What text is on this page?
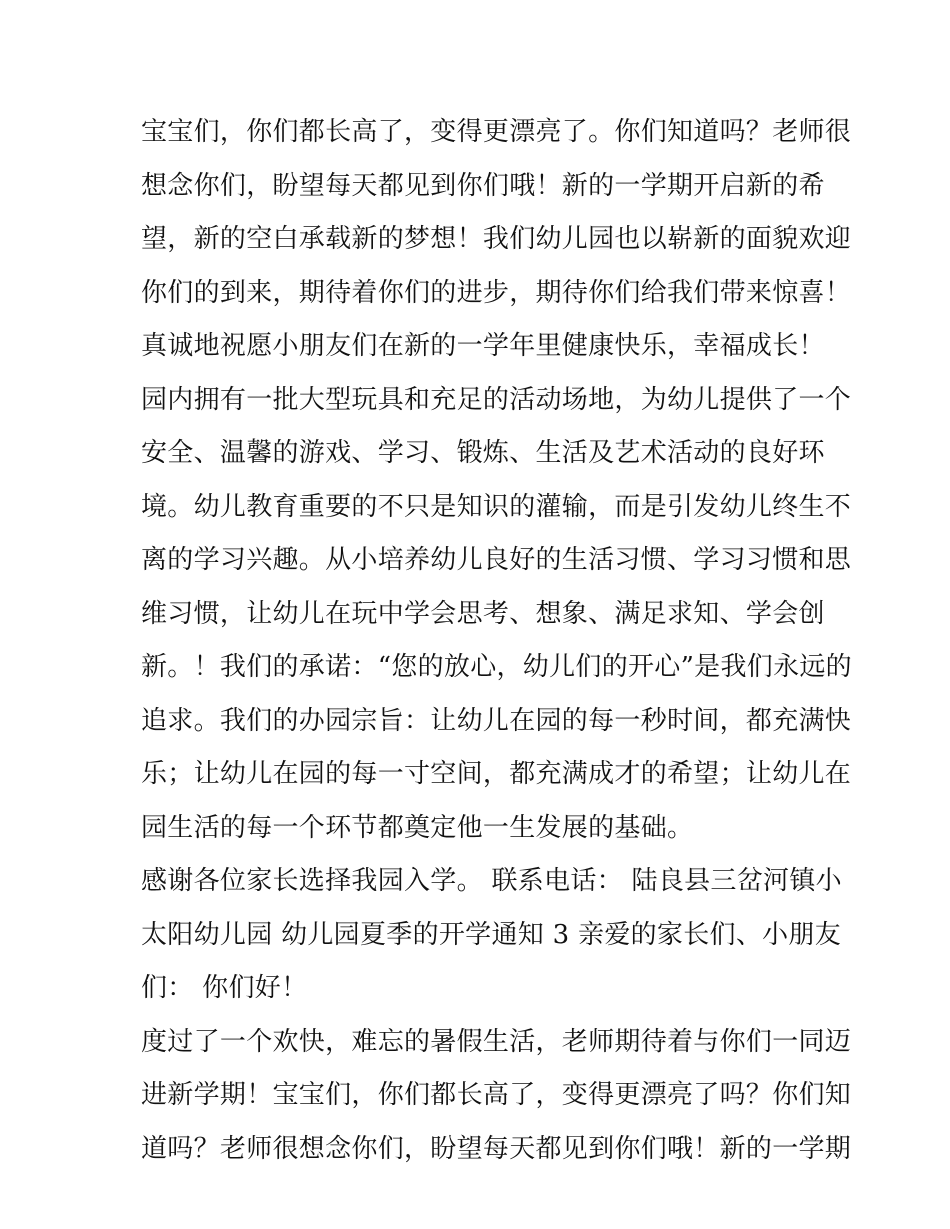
宝宝们，你们都长高了，变得更漂亮了。你们知道吗？老师很
想念你们，盼望每天都见到你们哦！新的一学期开启新的希
望，新的空白承载新的梦想！我们幼儿园也以崭新的面貌欢迎
你们的到来，期待着你们的进步，期待你们给我们带来惊喜！
真诚地祝愿小朋友们在新的一学年里健康快乐，幸福成长！
园内拥有一批大型玩具和充足的活动场地，为幼儿提供了一个
安全、温馨的游戏、学习、锻炼、生活及艺术活动的良好环
境。幼儿教育重要的不只是知识的灌输，而是引发幼儿终生不
离的学习兴趣。从小培养幼儿良好的生活习惯、学习习惯和思
维习惯，让幼儿在玩中学会思考、想象、满足求知、学会创
新。！我们的承诺：“您的放心，幼儿们的开心”是我们永远的
追求。我们的办园宗旨：让幼儿在园的每一秒时间，都充满快
乐；让幼儿在园的每一寸空间，都充满成才的希望；让幼儿在
园生活的每一个环节都奠定他一生发展的基础。
感谢各位家长选择我园入学。 联系电话： 陆良县三岔河镇小
太阳幼儿园 幼儿园夏季的开学通知 3 亲爱的家长们、小朋友
们： 你们好！
度过了一个欢快，难忘的暑假生活，老师期待着与你们一同迈
进新学期！宝宝们，你们都长高了，变得更漂亮了吗？你们知
道吗？老师很想念你们，盼望每天都见到你们哦！新的一学期
